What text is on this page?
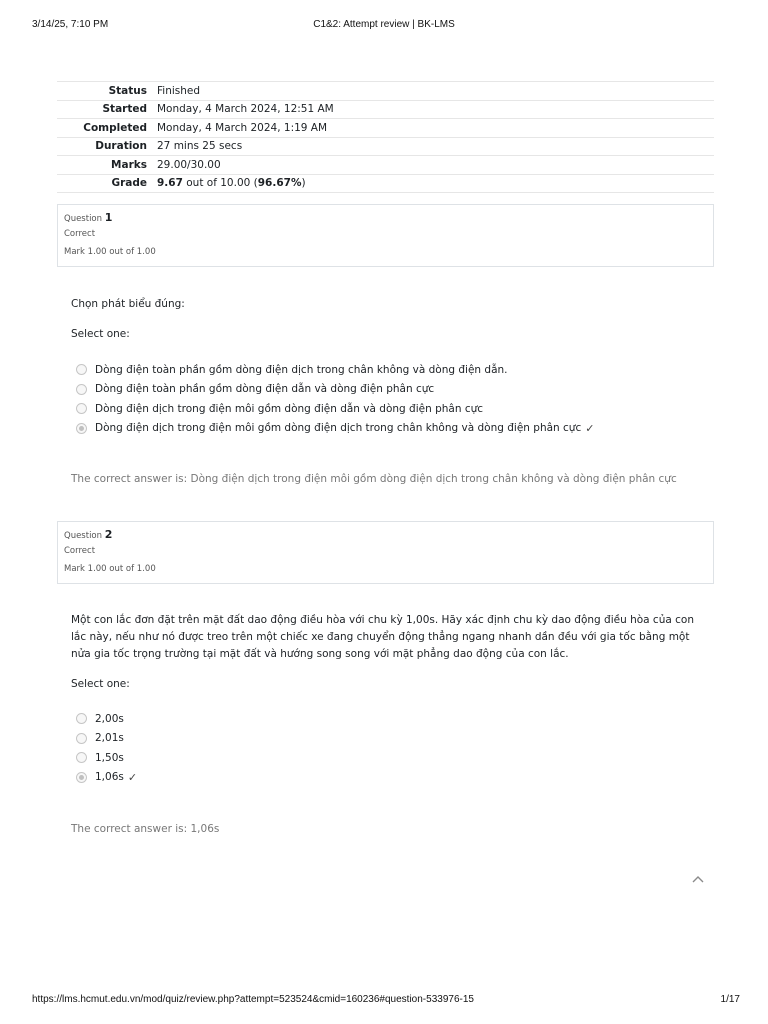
3/14/25, 7:10 PM	C1&2: Attempt review | BK-LMS
Status	Finished
Started	Monday, 4 March 2024, 12:51 AM
Completed	Monday, 4 March 2024, 1:19 AM
Duration	27 mins 25 secs
Marks	29.00/30.00
Grade	9.67 out of 10.00 (96.67%)
Question 1
Correct
Mark 1.00 out of 1.00
Chọn phát biểu đúng:
Select one:
Dòng điện toàn phần gồm dòng điện dịch trong chân không và dòng điện dẫn.
Dòng điện toàn phần gồm dòng điện dẫn và dòng điện phân cực
Dòng điện dịch trong điện môi gồm dòng điện dẫn và dòng điện phân cực
Dòng điện dịch trong điện môi gồm dòng điện dịch trong chân không và dòng điện phân cực ✓
The correct answer is: Dòng điện dịch trong điện môi gồm dòng điện dịch trong chân không và dòng điện phân cực
Question 2
Correct
Mark 1.00 out of 1.00
Một con lắc đơn đặt trên mặt đất dao động điều hòa với chu kỳ 1,00s. Hãy xác định chu kỳ dao động điều hòa của con lắc này, nếu như nó được treo trên một chiếc xe đang chuyển động thẳng ngang nhanh dần đều với gia tốc bằng một nửa gia tốc trọng trường tại mặt đất và hướng song song với mặt phẳng dao động của con lắc.
Select one:
2,00s
2,01s
1,50s
1,06s ✓
The correct answer is: 1,06s
https://lms.hcmut.edu.vn/mod/quiz/review.php?attempt=523524&cmid=160236#question-533976-15	1/17
